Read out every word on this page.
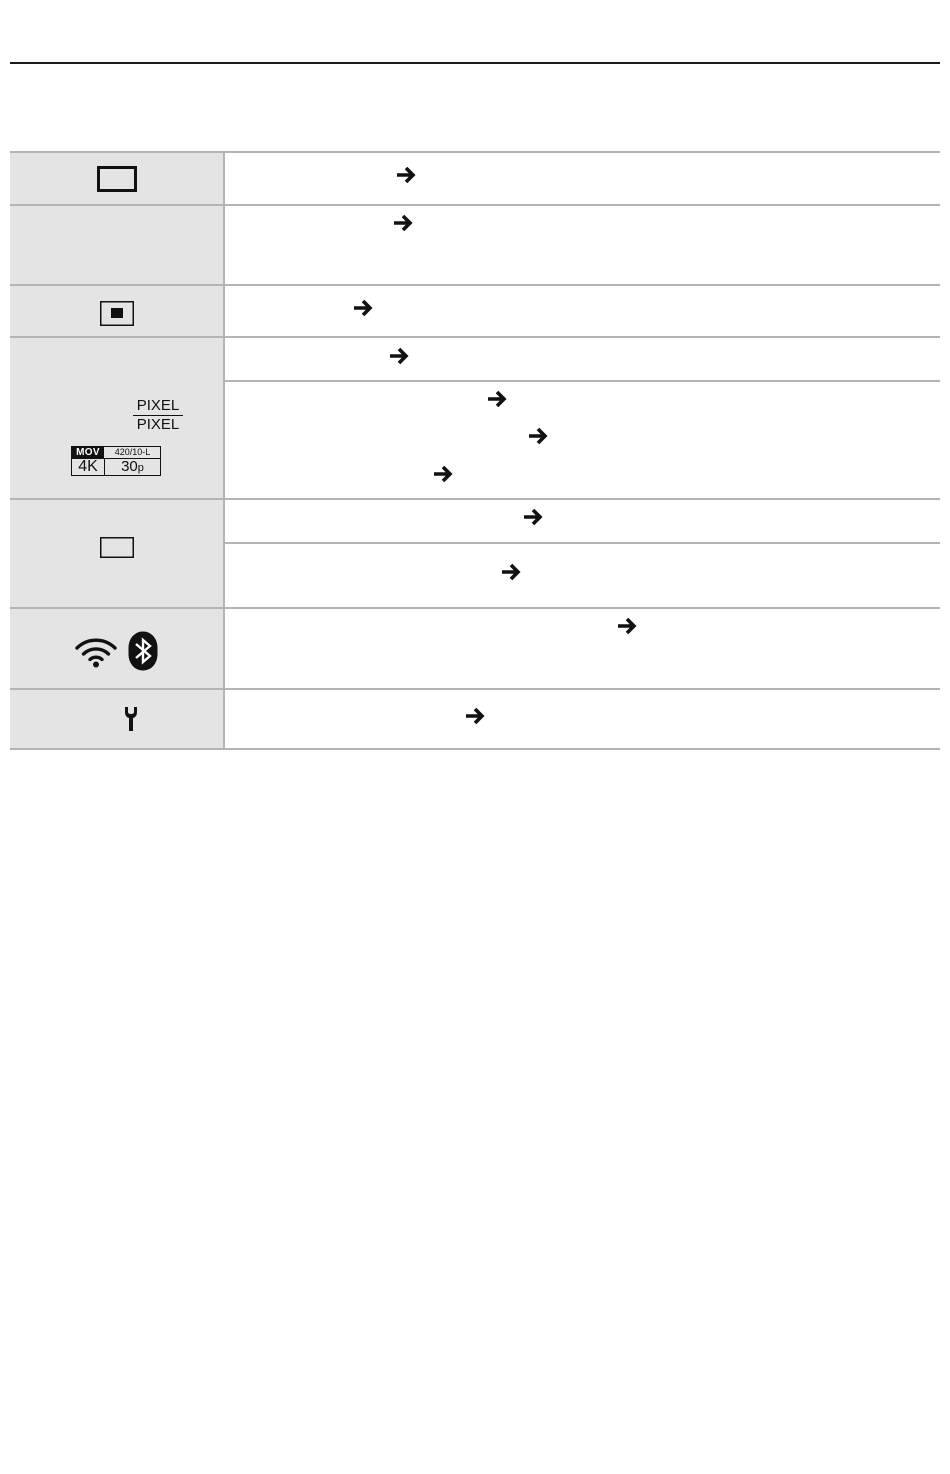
PIXEL
PIXEL
MOV	420/10-L
4K	30p
